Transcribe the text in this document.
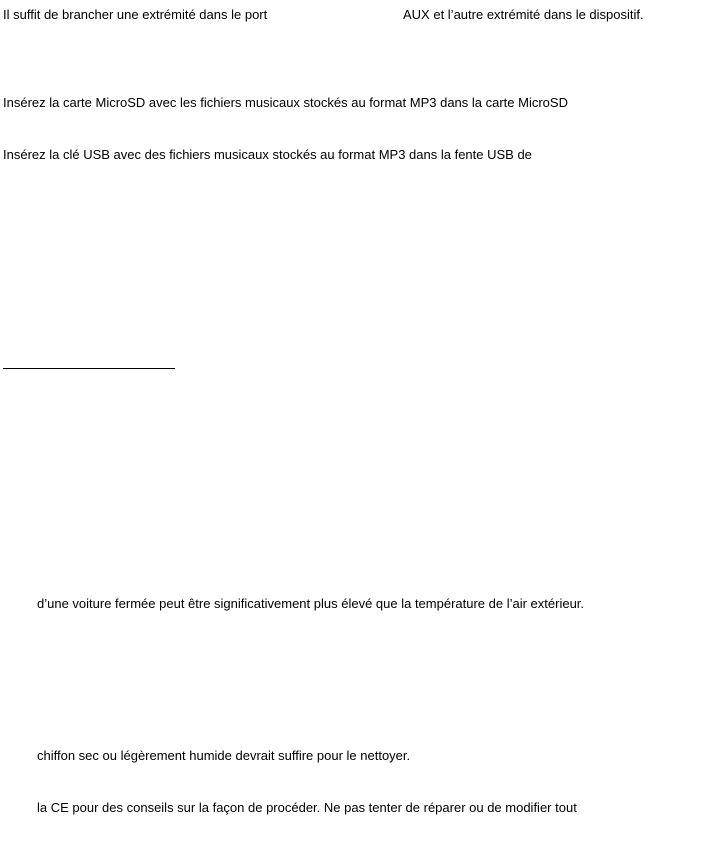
Il suffit de brancher une extrémité dans le port	AUX et l’autre extrémité dans le dispositif.
Insérez la carte MicroSD avec les fichiers musicaux stockés au format MP3 dans la carte MicroSD
Insérez la clé USB avec des fichiers musicaux stockés au format MP3 dans la fente USB de
d’une voiture fermée peut être significativement plus élevé que la température de l’air extérieur.
chiffon sec ou légèrement humide devrait suffire pour le nettoyer.
la CE pour des conseils sur la façon de procéder. Ne pas tenter de réparer ou de modifier tout
